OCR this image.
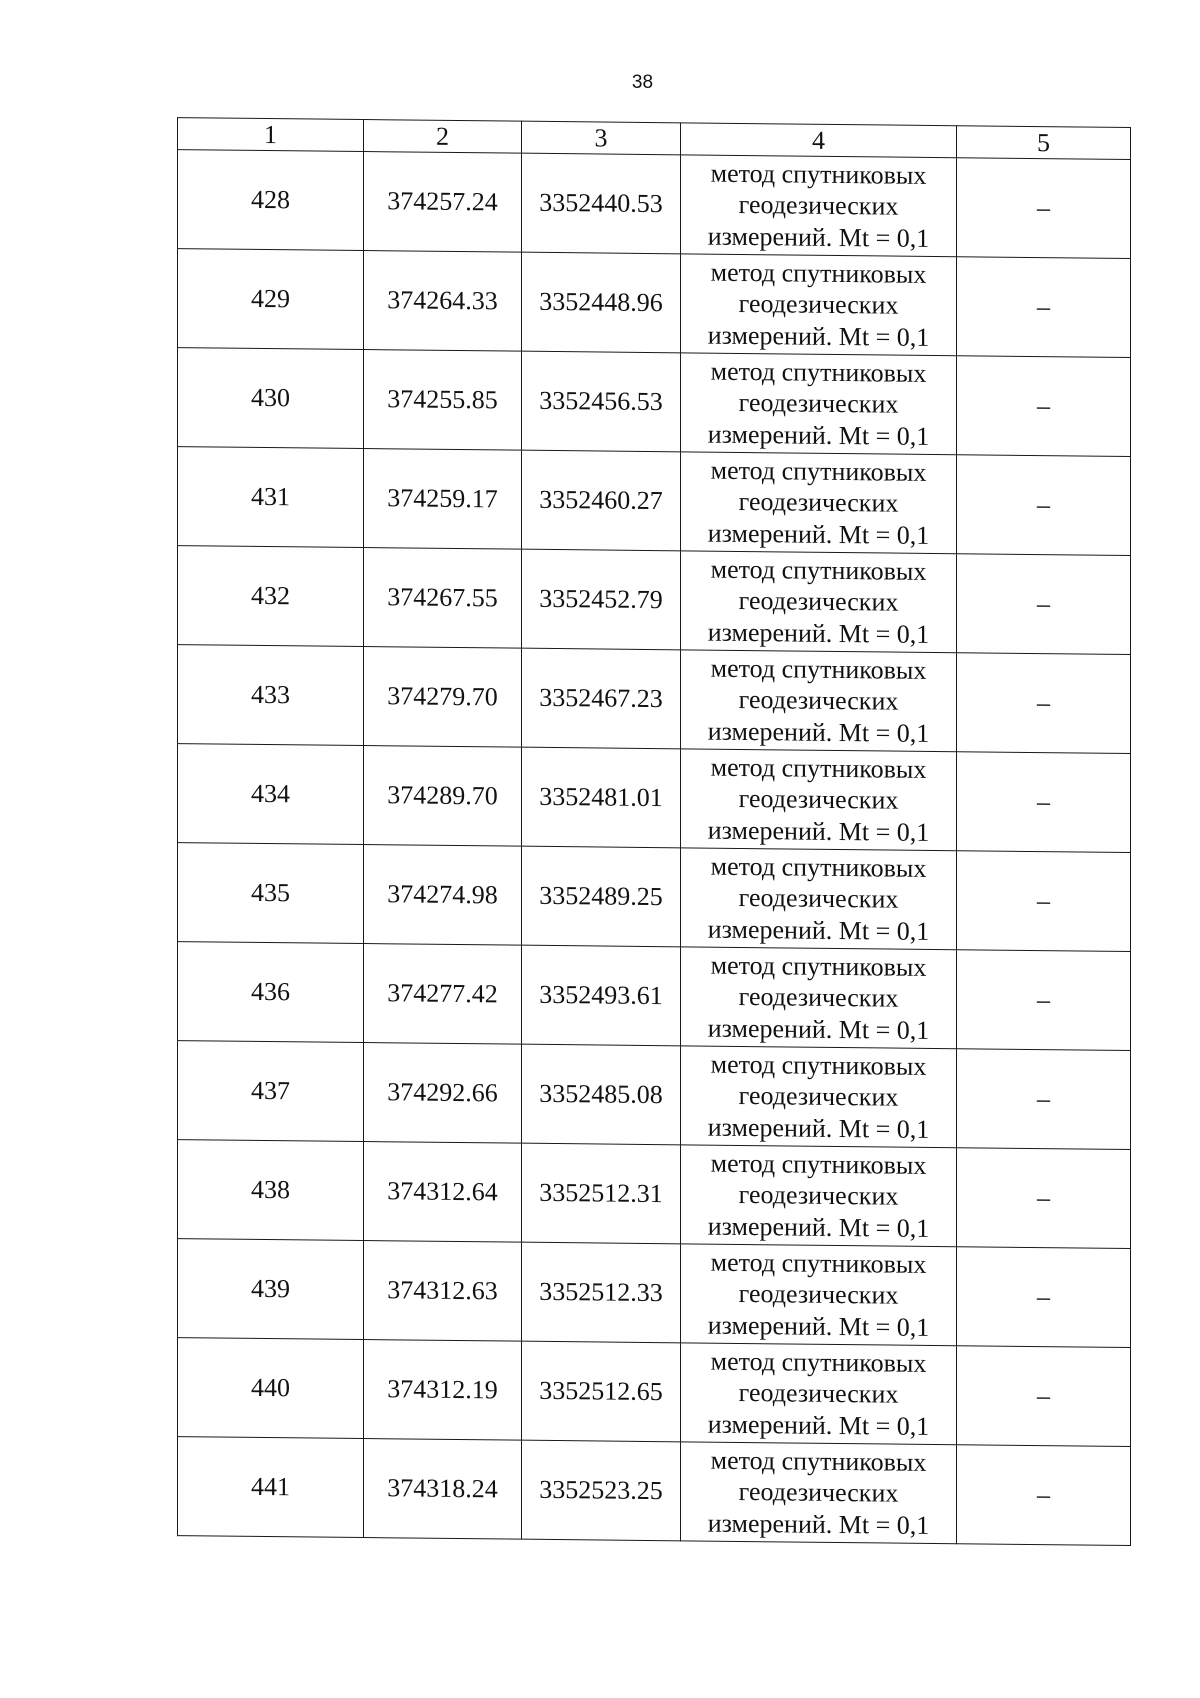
38
1	2	3	4	5
428	374257.24	3352440.53	метод спутниковых
геодезических
измерений. Mt = 0,1	–
429	374264.33	3352448.96	метод спутниковых
геодезических
измерений. Mt = 0,1	–
430	374255.85	3352456.53	метод спутниковых
геодезических
измерений. Mt = 0,1	–
431	374259.17	3352460.27	метод спутниковых
геодезических
измерений. Mt = 0,1	–
432	374267.55	3352452.79	метод спутниковых
геодезических
измерений. Mt = 0,1	–
433	374279.70	3352467.23	метод спутниковых
геодезических
измерений. Mt = 0,1	–
434	374289.70	3352481.01	метод спутниковых
геодезических
измерений. Mt = 0,1	–
435	374274.98	3352489.25	метод спутниковых
геодезических
измерений. Mt = 0,1	–
436	374277.42	3352493.61	метод спутниковых
геодезических
измерений. Mt = 0,1	–
437	374292.66	3352485.08	метод спутниковых
геодезических
измерений. Mt = 0,1	–
438	374312.64	3352512.31	метод спутниковых
геодезических
измерений. Mt = 0,1	–
439	374312.63	3352512.33	метод спутниковых
геодезических
измерений. Mt = 0,1	–
440	374312.19	3352512.65	метод спутниковых
геодезических
измерений. Mt = 0,1	–
441	374318.24	3352523.25	метод спутниковых
геодезических
измерений. Mt = 0,1	–
